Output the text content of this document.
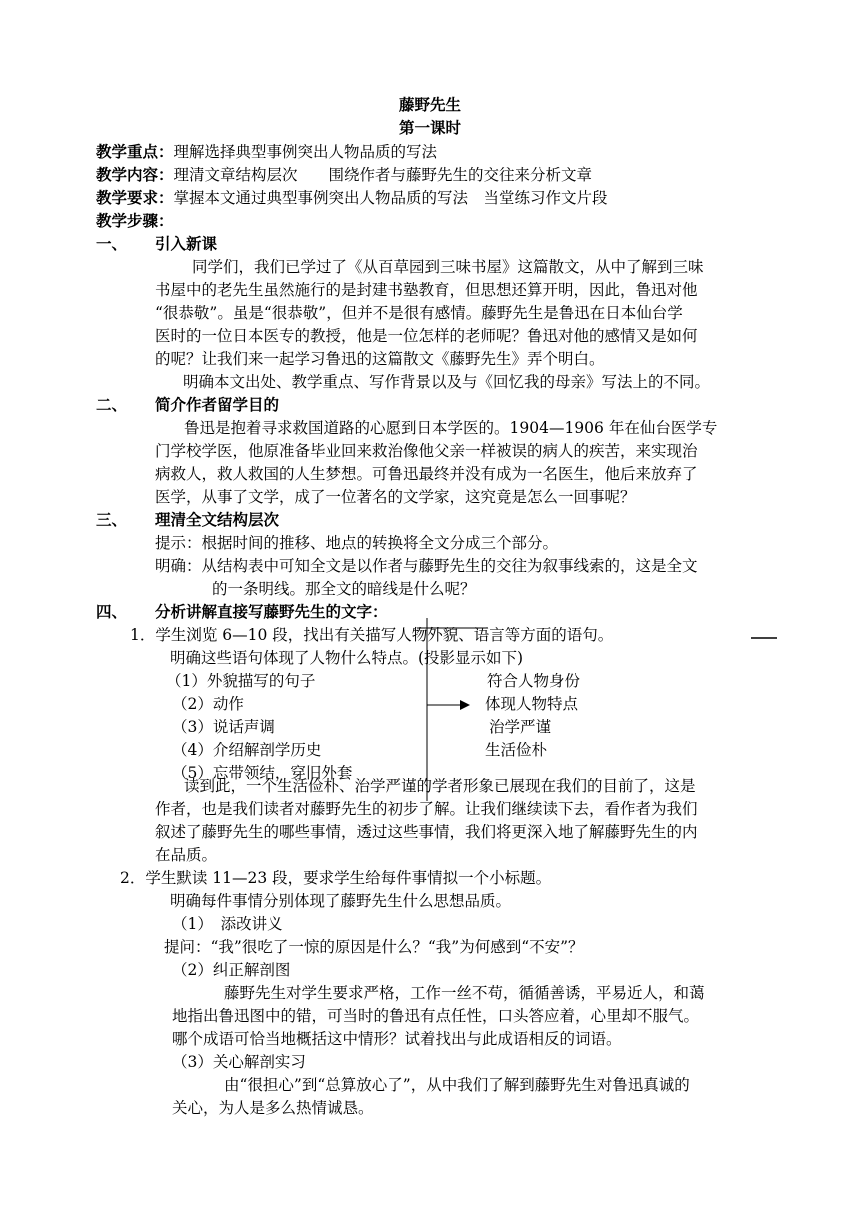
藤野先生
第一课时
教学重点：理解选择典型事例突出人物品质的写法
教学内容：理清文章结构层次　　围绕作者与藤野先生的交往来分析文章
教学要求：掌握本文通过典型事例突出人物品质的写法　当堂练习作文片段
教学步骤：
一、 引入新课
同学们，我们已学过了《从百草园到三味书屋》这篇散文，从中了解到三味
书屋中的老先生虽然施行的是封建书塾教育，但思想还算开明，因此，鲁迅对他
“很恭敬”。虽是“很恭敬”，但并不是很有感情。藤野先生是鲁迅在日本仙台学
医时的一位日本医专的教授，他是一位怎样的老师呢？鲁迅对他的感情又是如何
的呢？让我们来一起学习鲁迅的这篇散文《藤野先生》弄个明白。
明确本文出处、教学重点、写作背景以及与《回忆我的母亲》写法上的不同。
二、 简介作者留学目的
鲁迅是抱着寻求救国道路的心愿到日本学医的。1904—1906 年在仙台医学专
门学校学医，他原准备毕业回来救治像他父亲一样被误的病人的疾苦，来实现治
病救人，救人救国的人生梦想。可鲁迅最终并没有成为一名医生，他后来放弃了
医学，从事了文学，成了一位著名的文学家，这究竟是怎么一回事呢？
三、 理清全文结构层次
提示：根据时间的推移、地点的转换将全文分成三个部分。
明确：从结构表中可知全文是以作者与藤野先生的交往为叙事线索的，这是全文
的一条明线。那全文的暗线是什么呢？
四、 分析讲解直接写藤野先生的文字：
1．学生浏览 6—10 段，找出有关描写人物外貌、语言等方面的语句。
明确这些语句体现了人物什么特点。(投影显示如下)
（1）外貌描写的句子
（2）动作
（3）说话声调
（4）介绍解剖学历史
（5）忘带领结，穿旧外套
符合人物身份
体现人物特点
治学严谨
生活俭朴
读到此，一个生活俭朴、治学严谨的学者形象已展现在我们的目前了，这是
作者，也是我们读者对藤野先生的初步了解。让我们继续读下去，看作者为我们
叙述了藤野先生的哪些事情，透过这些事情，我们将更深入地了解藤野先生的内
在品质。
2．学生默读 11—23 段，要求学生给每件事情拟一个小标题。
明确每件事情分别体现了藤野先生什么思想品质。
（1）　添改讲义
提问：“我”很吃了一惊的原因是什么？“我”为何感到“不安”？
（2）纠正解剖图
藤野先生对学生要求严格，工作一丝不苟，循循善诱，平易近人，和蔼
地指出鲁迅图中的错，可当时的鲁迅有点任性，口头答应着，心里却不服气。
哪个成语可恰当地概括这中情形？试着找出与此成语相反的词语。
（3）关心解剖实习
由“很担心”到“总算放心了”，从中我们了解到藤野先生对鲁迅真诚的
关心，为人是多么热情诚恳。
